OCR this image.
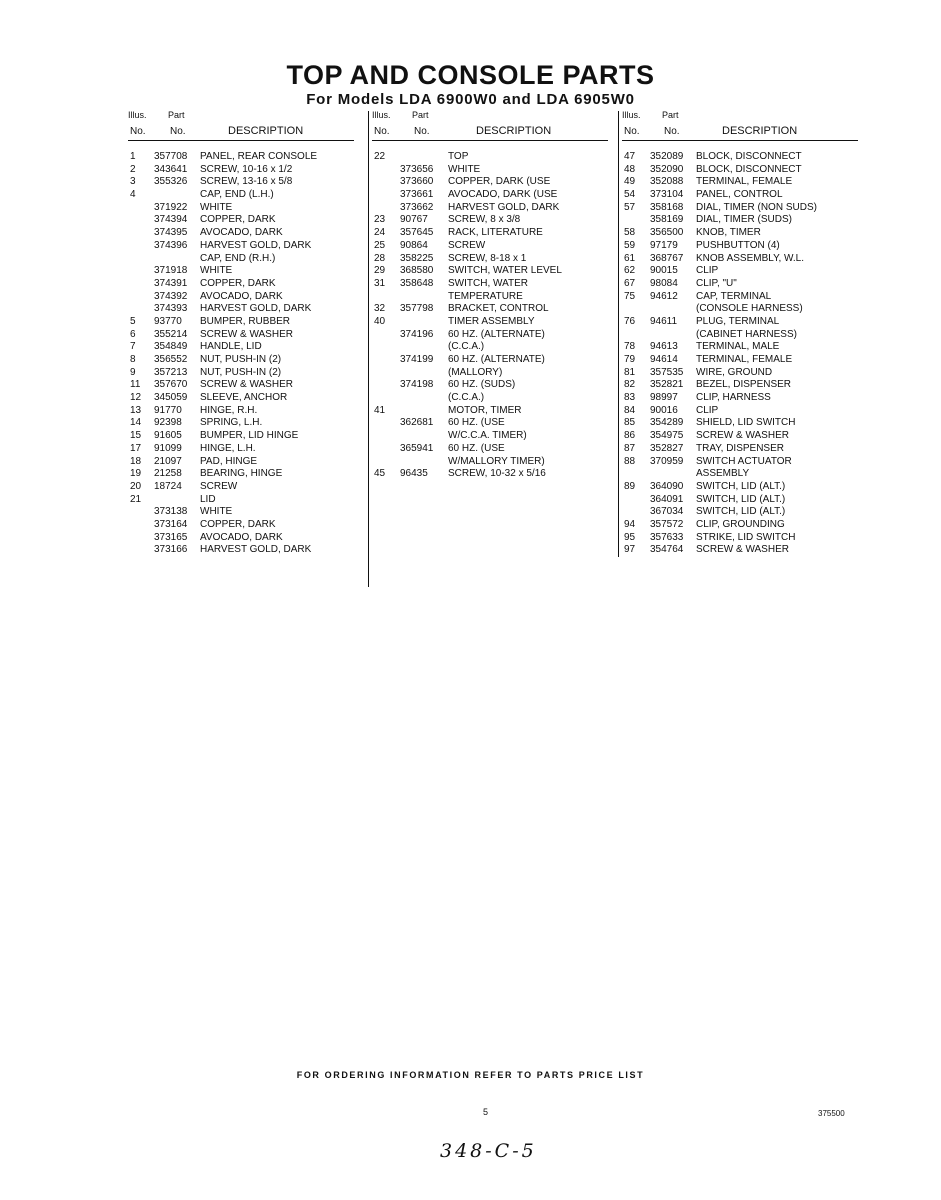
TOP AND CONSOLE PARTS
For Models LDA 6900W0 and LDA 6905W0
Illus. Part
No. No.	DESCRIPTION
1 357708 PANEL, REAR CONSOLE
2 343641 SCREW, 10-16 x 1/2
3 355326 SCREW, 13-16 x 5/8
4	CAP, END (L.H.)
371922 WHITE
374394 COPPER, DARK
374395 AVOCADO, DARK
374396 HARVEST GOLD, DARK
CAP, END (R.H.)
371918 WHITE
374391 COPPER, DARK
374392 AVOCADO, DARK
374393 HARVEST GOLD, DARK
5 93770 BUMPER, RUBBER
6 355214 SCREW & WASHER
7 354849 HANDLE, LID
8 356552 NUT, PUSH-IN (2)
9 357213 NUT, PUSH-IN (2)
11 357670 SCREW & WASHER
12 345059 SLEEVE, ANCHOR
13 91770 HINGE, R.H.
14 92398 SPRING, L.H.
15 91605 BUMPER, LID HINGE
17 91099 HINGE, L.H.
18 21097 PAD, HINGE
19 21258 BEARING, HINGE
20 18724 SCREW
21	LID
373138 WHITE
373164 COPPER, DARK
373165 AVOCADO, DARK
373166 HARVEST GOLD, DARK
Illus. Part
No. No.	DESCRIPTION
22	TOP
373656 WHITE
373660 COPPER, DARK (USE
373661 AVOCADO, DARK (USE
373662 HARVEST GOLD, DARK
23 90767 SCREW, 8 x 3/8
24 357645 RACK, LITERATURE
25 90864 SCREW
28 358225 SCREW, 8-18 x 1
29 368580 SWITCH, WATER LEVEL
31 358648 SWITCH, WATER
TEMPERATURE
32 357798 BRACKET, CONTROL
40	TIMER ASSEMBLY
374196 60 HZ. (ALTERNATE)
(C.C.A.)
374199 60 HZ. (ALTERNATE)
(MALLORY)
374198 60 HZ. (SUDS)
(C.C.A.)
41	MOTOR, TIMER
362681 60 HZ. (USE
W/C.C.A. TIMER)
365941 60 HZ. (USE
W/MALLORY TIMER)
45 96435 SCREW, 10-32 x 5/16
Illus. Part
No. No.	DESCRIPTION
47 352089 BLOCK, DISCONNECT
48 352090 BLOCK, DISCONNECT
49 352088 TERMINAL, FEMALE
54 373104 PANEL, CONTROL
57 358168 DIAL, TIMER (NON SUDS)
358169 DIAL, TIMER (SUDS)
58 356500 KNOB, TIMER
59 97179 PUSHBUTTON (4)
61 368767 KNOB ASSEMBLY, W.L.
62 90015 CLIP
67 98084 CLIP, "U"
75 94612 CAP, TERMINAL
(CONSOLE HARNESS)
76 94611 PLUG, TERMINAL
(CABINET HARNESS)
78 94613 TERMINAL, MALE
79 94614 TERMINAL, FEMALE
81 357535 WIRE, GROUND
82 352821 BEZEL, DISPENSER
83 98997 CLIP, HARNESS
84 90016 CLIP
85 354289 SHIELD, LID SWITCH
86 354975 SCREW & WASHER
87 352827 TRAY, DISPENSER
88 370959 SWITCH ACTUATOR
ASSEMBLY
89 364090 SWITCH, LID (ALT.)
364091 SWITCH, LID (ALT.)
367034 SWITCH, LID (ALT.)
94 357572 CLIP, GROUNDING
95 357633 STRIKE, LID SWITCH
97 354764 SCREW & WASHER
FOR ORDERING INFORMATION REFER TO PARTS PRICE LIST
5	375500
348-C-5
